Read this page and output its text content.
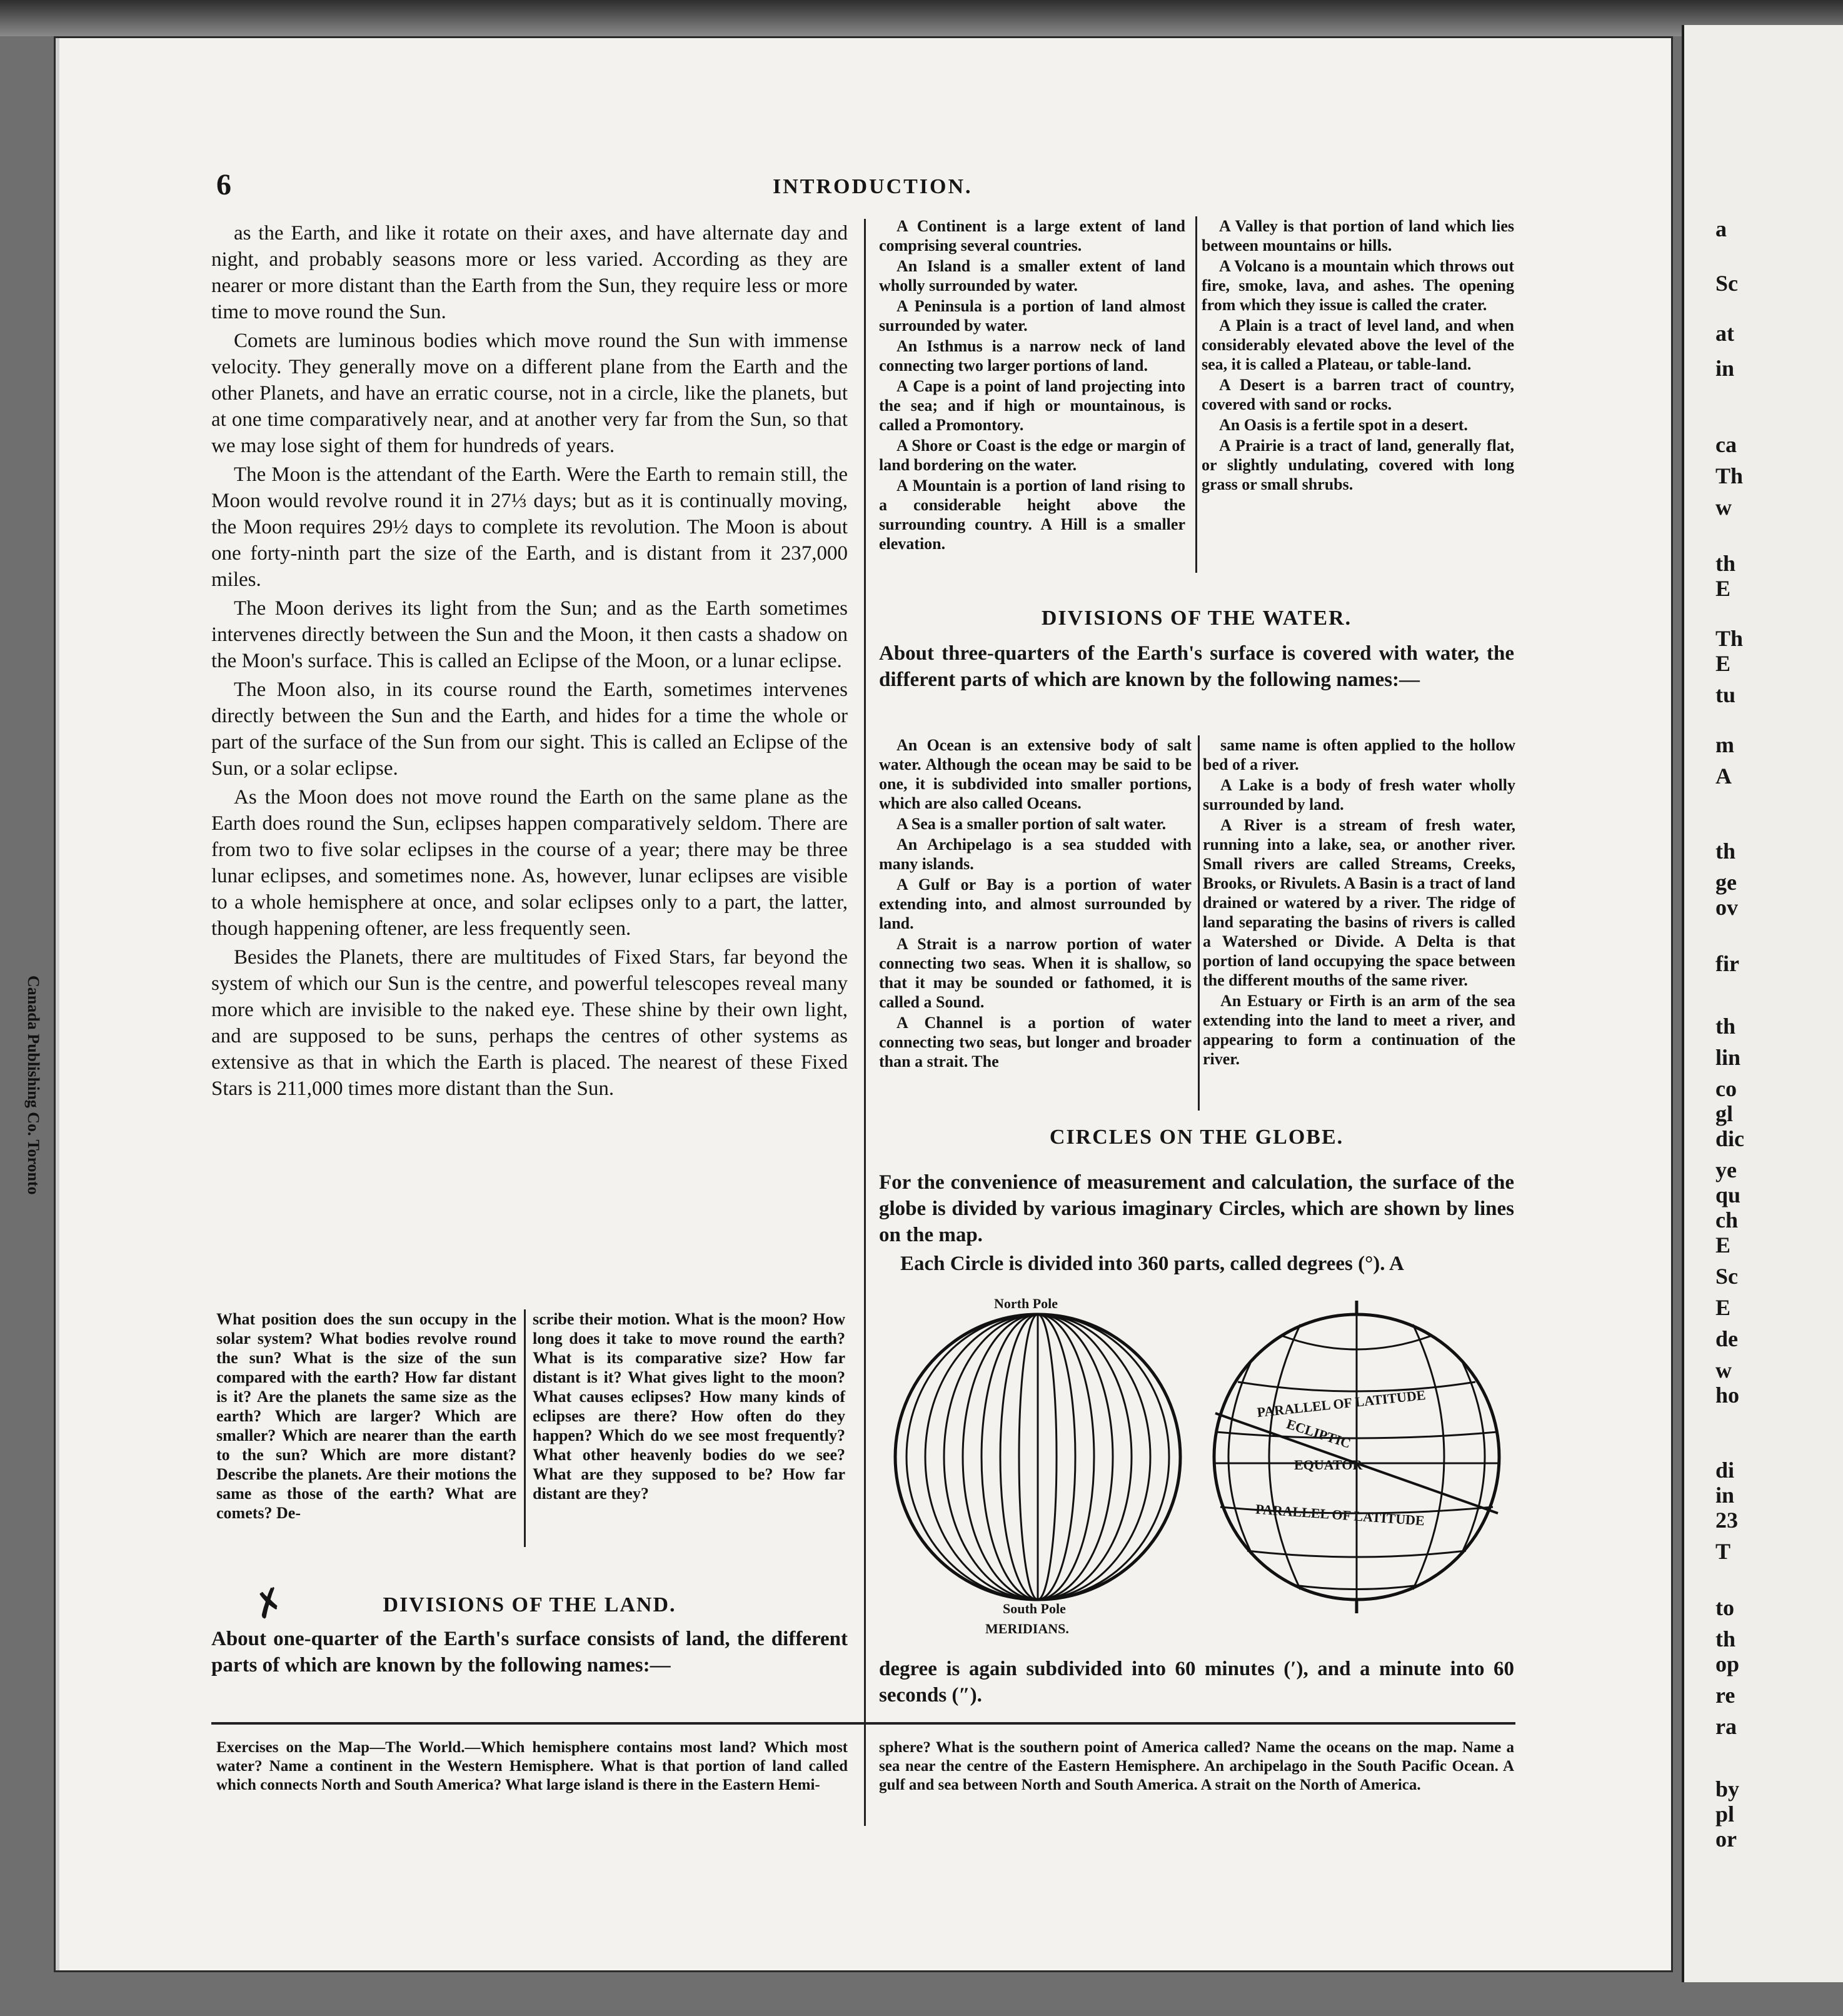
a
Sc
at
in
ca
Th
w
th
E
Th
E
tu
m
A
th
ge
ov
fir
th
lin
co
gl
dic
ye
qu
ch
E
Sc
E
de
w
ho
di
in
23
T
to
th
op
re
ra
by
pl
or
Canada Publishing Co. Toronto
6	INTRODUCTION.

as the Earth, and like it rotate on their axes, and have alternate day and night, and probably seasons more or less varied. According as they are nearer or more distant than the Earth from the Sun, they require less or more time to move round the Sun.

Comets are luminous bodies which move round the Sun with immense velocity. They generally move on a different plane from the Earth and the other Planets, and have an erratic course, not in a circle, like the planets, but at one time comparatively near, and at another very far from the Sun, so that we may lose sight of them for hundreds of years.

The Moon is the attendant of the Earth. Were the Earth to remain still, the Moon would revolve round it in 27⅓ days; but as it is continually moving, the Moon requires 29½ days to complete its revolution. The Moon is about one forty-ninth part the size of the Earth, and is distant from it 237,000 miles.

The Moon derives its light from the Sun; and as the Earth sometimes intervenes directly between the Sun and the Moon, it then casts a shadow on the Moon's surface. This is called an Eclipse of the Moon, or a lunar eclipse.

The Moon also, in its course round the Earth, sometimes intervenes directly between the Sun and the Earth, and hides for a time the whole or part of the surface of the Sun from our sight. This is called an Eclipse of the Sun, or a solar eclipse.

As the Moon does not move round the Earth on the same plane as the Earth does round the Sun, eclipses happen comparatively seldom. There are from two to five solar eclipses in the course of a year; there may be three lunar eclipses, and sometimes none. As, however, lunar eclipses are visible to a whole hemisphere at once, and solar eclipses only to a part, the latter, though happening oftener, are less frequently seen.

Besides the Planets, there are multitudes of Fixed Stars, far beyond the system of which our Sun is the centre, and powerful telescopes reveal many more which are invisible to the naked eye. These shine by their own light, and are supposed to be suns, perhaps the centres of other systems as extensive as that in which the Earth is placed. The nearest of these Fixed Stars is 211,000 times more distant than the Sun.

What position does the sun occupy in the solar system? What bodies revolve round the sun? What is the size of the sun compared with the earth? How far distant is it? Are the planets the same size as the earth? Which are larger? Which are smaller? Which are nearer than the earth to the sun? Which are more distant? Describe the planets. Are their motions the same as those of the earth? What are comets? De-
scribe their motion. What is the moon? How long does it take to move round the earth? What is its comparative size? How far distant is it? What gives light to the moon? What causes eclipses? How many kinds of eclipses are there? How often do they happen? Which do we see most frequently? What other heavenly bodies do we see? What are they supposed to be? How far distant are they?
✗	DIVISIONS OF THE LAND.
About one-quarter of the Earth's surface consists of land, the different parts of which are known by the following names:—

A Continent is a large extent of land comprising several countries.

An Island is a smaller extent of land wholly surrounded by water.

A Peninsula is a portion of land almost surrounded by water.

An Isthmus is a narrow neck of land connecting two larger portions of land.

A Cape is a point of land projecting into the sea; and if high or mountainous, is called a Promontory.

A Shore or Coast is the edge or margin of land bordering on the water.

A Mountain is a portion of land rising to a considerable height above the surrounding country. A Hill is a smaller elevation.

A Valley is that portion of land which lies between mountains or hills.

A Volcano is a mountain which throws out fire, smoke, lava, and ashes. The opening from which they issue is called the crater.

A Plain is a tract of level land, and when considerably elevated above the level of the sea, it is called a Plateau, or table-land.

A Desert is a barren tract of country, covered with sand or rocks.

An Oasis is a fertile spot in a desert.

A Prairie is a tract of land, generally flat, or slightly undulating, covered with long grass or small shrubs.

DIVISIONS OF THE WATER.
About three-quarters of the Earth's surface is covered with water, the different parts of which are known by the following names:—

An Ocean is an extensive body of salt water. Although the ocean may be said to be one, it is subdivided into smaller portions, which are also called Oceans.

A Sea is a smaller portion of salt water.

An Archipelago is a sea studded with many islands.

A Gulf or Bay is a portion of water extending into, and almost surrounded by land.

A Strait is a narrow portion of water connecting two seas. When it is shallow, so that it may be sounded or fathomed, it is called a Sound.

A Channel is a portion of water connecting two seas, but longer and broader than a strait. The

same name is often applied to the hollow bed of a river.

A Lake is a body of fresh water wholly surrounded by land.

A River is a stream of fresh water, running into a lake, sea, or another river. Small rivers are called Streams, Creeks, Brooks, or Rivulets. A Basin is a tract of land drained or watered by a river. The ridge of land separating the basins of rivers is called a Watershed or Divide. A Delta is that portion of land occupying the space between the different mouths of the same river.

An Estuary or Firth is an arm of the sea extending into the land to meet a river, and appearing to form a continuation of the river.

CIRCLES ON THE GLOBE.
For the convenience of measurement and calculation, the surface of the globe is divided by various imaginary Circles, which are shown by lines on the map.
Each Circle is divided into 360 parts, called degrees (°). A
North Pole
South Pole
MERIDIANS.
PARALLEL OF LATITUDE
ECLIPTIC
EQUATOR
PARALLEL OF LATITUDE
degree is again subdivided into 60 minutes (′), and a minute into 60 seconds (″).
Exercises on the Map—The World.—Which hemisphere contains most land? Which most water? Name a continent in the Western Hemisphere. What is that portion of land called which connects North and South America? What large island is there in the Eastern Hemi-
sphere? What is the southern point of America called? Name the oceans on the map. Name a sea near the centre of the Eastern Hemisphere. An archipelago in the South Pacific Ocean. A gulf and sea between North and South America. A strait on the North of America.
